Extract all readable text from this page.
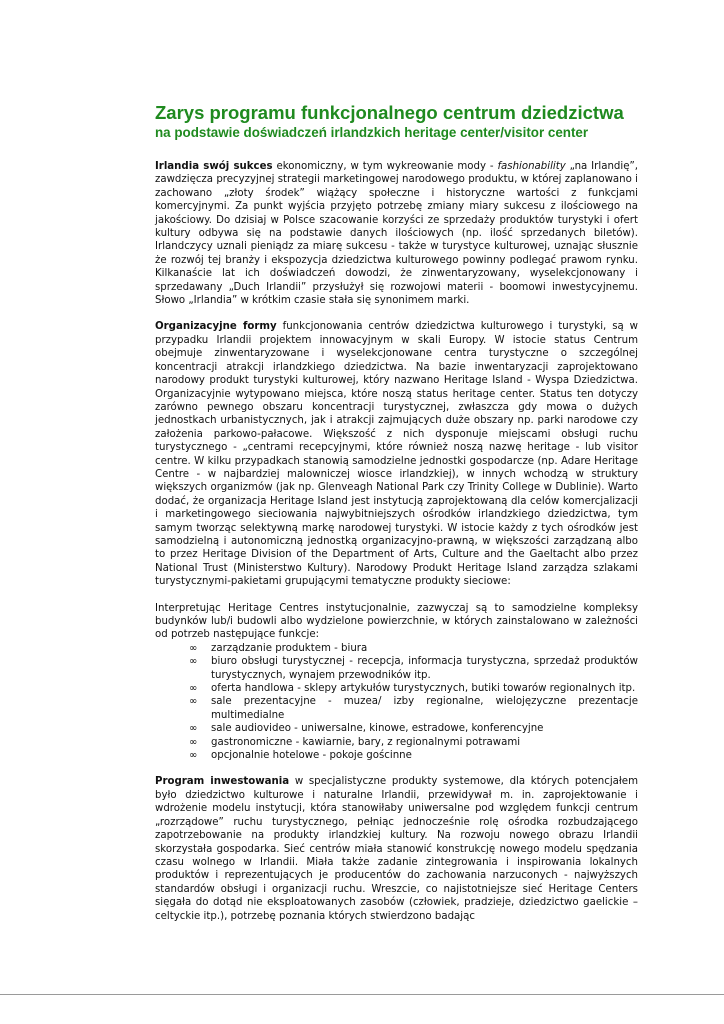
Zarys programu funkcjonalnego centrum dziedzictwa
na podstawie doświadczeń irlandzkich heritage center/visitor center

Irlandia swój sukces ekonomiczny, w tym wykreowanie mody - fashionability „na Irlandię”, zawdzięcza precyzyjnej strategii marketingowej narodowego produktu, w której zaplanowano i zachowano „złoty środek” wiążący społeczne i historyczne wartości z funkcjami komercyjnymi. Za punkt wyjścia przyjęto potrzebę zmiany miary sukcesu z ilościowego na jakościowy. Do dzisiaj w Polsce szacowanie korzyści ze sprzedaży produktów turystyki i ofert kultury odbywa się na podstawie danych ilościowych (np. ilość sprzedanych biletów). Irlandczycy uznali pieniądz za miarę sukcesu - także w turystyce kulturowej, uznając słusznie że rozwój tej branży i ekspozycja dziedzictwa kulturowego powinny podlegać prawom rynku. Kilkanaście lat ich doświadczeń dowodzi, że zinwentaryzowany, wyselekcjonowany i sprzedawany „Duch Irlandii” przysłużył się rozwojowi materii - boomowi inwestycyjnemu. Słowo „Irlandia” w krótkim czasie stała się synonimem marki.

Organizacyjne formy funkcjonowania centrów dziedzictwa kulturowego i turystyki, są w przypadku Irlandii projektem innowacyjnym w skali Europy. W istocie status Centrum obejmuje zinwentaryzowane i wyselekcjonowane centra turystyczne o szczególnej koncentracji atrakcji irlandzkiego dziedzictwa. Na bazie inwentaryzacji zaprojektowano narodowy produkt turystyki kulturowej, który nazwano Heritage Island - Wyspa Dziedzictwa. Organizacyjnie wytypowano miejsca, które noszą status heritage center. Status ten dotyczy zarówno pewnego obszaru koncentracji turystycznej, zwłaszcza gdy mowa o dużych jednostkach urbanistycznych, jak i atrakcji zajmujących duże obszary np. parki narodowe czy założenia parkowo-pałacowe. Większość z nich dysponuje miejscami obsługi ruchu turystycznego - „centrami recepcyjnymi, które również noszą nazwę heritage - lub visitor centre. W kilku przypadkach stanowią samodzielne jednostki gospodarcze (np. Adare Heritage Centre - w najbardziej malowniczej wiosce irlandzkiej), w innych wchodzą w struktury większych organizmów (jak np. Glenveagh National Park czy Trinity College w Dublinie). Warto dodać, że organizacja Heritage Island jest instytucją zaprojektowaną dla celów komercjalizacji i marketingowego sieciowania najwybitniejszych ośrodków irlandzkiego dziedzictwa, tym samym tworząc selektywną markę narodowej turystyki. W istocie każdy z tych ośrodków jest samodzielną i autonomiczną jednostką organizacyjno-prawną, w większości zarządzaną albo to przez Heritage Division of the Department of Arts, Culture and the Gaeltacht albo przez National Trust (Ministerstwo Kultury). Narodowy Produkt Heritage Island zarządza szlakami turystycznymi-pakietami grupującymi tematyczne produkty sieciowe:

Interpretując Heritage Centres instytucjonalnie, zazwyczaj są to samodzielne kompleksy budynków lub/i budowli albo wydzielone powierzchnie, w których zainstalowano w zależności od potrzeb następujące funkcje:

∞ zarządzanie produktem - biura
∞ biuro obsługi turystycznej - recepcja, informacja turystyczna, sprzedaż produktów turystycznych, wynajem przewodników itp.
∞ oferta handlowa - sklepy artykułów turystycznych, butiki towarów regionalnych itp.
∞ sale prezentacyjne - muzea/ izby regionalne, wielojęzyczne prezentacje multimedialne
∞ sale audiovideo - uniwersalne, kinowe, estradowe, konferencyjne
∞ gastronomiczne - kawiarnie, bary, z regionalnymi potrawami
∞ opcjonalnie hotelowe - pokoje gościnne

Program inwestowania w specjalistyczne produkty systemowe, dla których potencjałem było dziedzictwo kulturowe i naturalne Irlandii, przewidywał m. in. zaprojektowanie i wdrożenie modelu instytucji, która stanowiłaby uniwersalne pod względem funkcji centrum „rozrządowe” ruchu turystycznego, pełniąc jednocześnie rolę ośrodka rozbudzającego zapotrzebowanie na produkty irlandzkiej kultury. Na rozwoju nowego obrazu Irlandii skorzystała gospodarka. Sieć centrów miała stanowić konstrukcję nowego modelu spędzania czasu wolnego w Irlandii. Miała także zadanie zintegrowania i inspirowania lokalnych produktów i reprezentujących je producentów do zachowania narzuconych - najwyższych standardów obsługi i organizacji ruchu. Wreszcie, co najistotniejsze sieć Heritage Centers sięgała do dotąd nie eksploatowanych zasobów (człowiek, pradzieje, dziedzictwo gaelickie – celtyckie itp.), potrzebę poznania których stwierdzono badając
